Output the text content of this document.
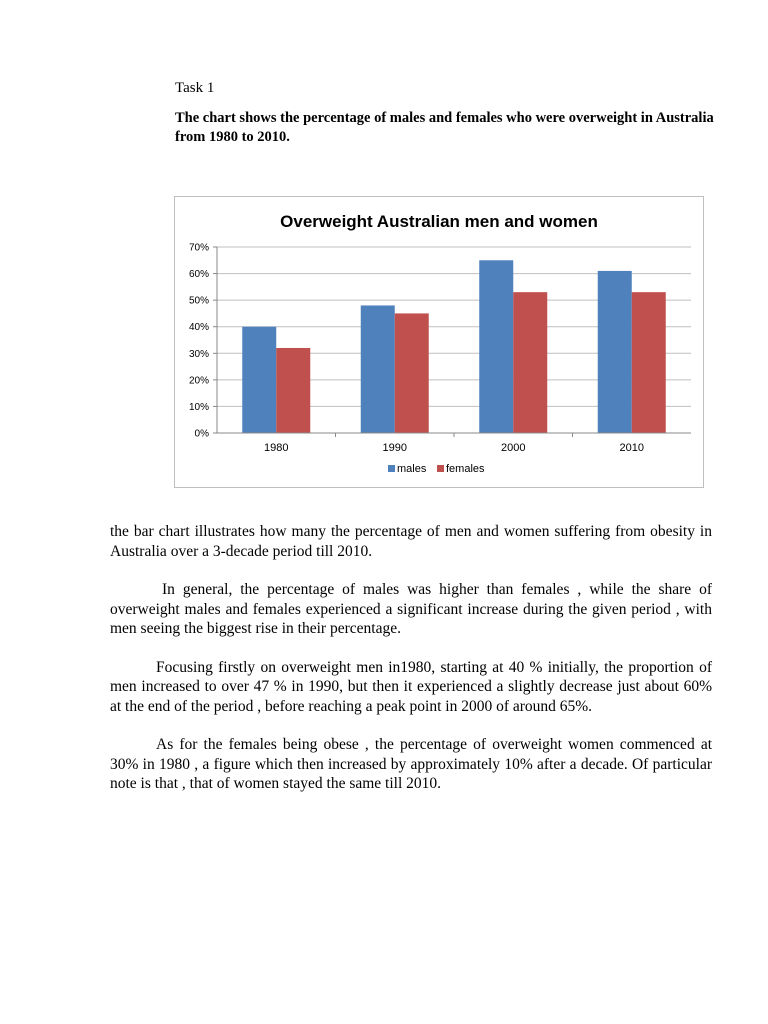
Task 1

The chart shows the percentage of males and females who were overweight in Australia from 1980 to 2010.

Overweight Australian men and women
0%
10%
20%
30%
40%
50%
60%
70%
1980	1990	2000	2010
males females

the bar chart illustrates how many the percentage of men and women suffering from obesity in Australia over a 3-decade period till 2010.

In general, the percentage of males was higher than females , while the share of overweight males and females experienced a significant increase during the given period , with men seeing the biggest rise in their percentage.

Focusing firstly on overweight men in1980, starting at 40 % initially, the proportion of men increased to over 47 % in 1990, but then it experienced a slightly decrease just about 60% at the end of the period , before reaching a peak point in 2000 of around 65%.

As for the females being obese , the percentage of overweight women commenced at 30% in 1980 , a figure which then increased by approximately 10% after a decade. Of particular note is that , that of women stayed the same till 2010.
